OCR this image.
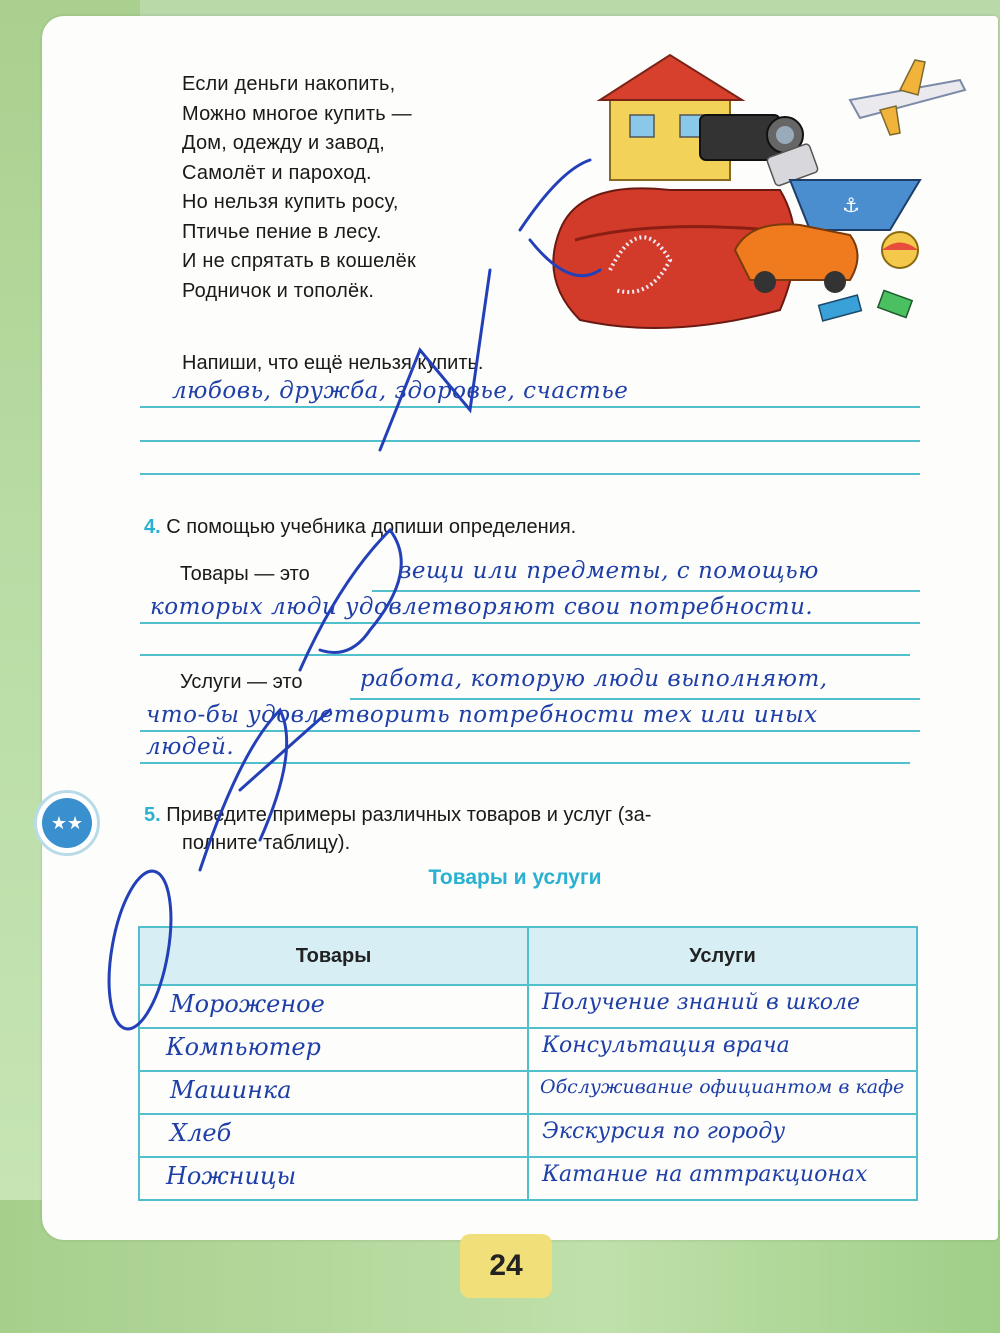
Если деньги накопить,
Можно многое купить —
Дом, одежду и завод,
Самолёт и пароход.
Но нельзя купить росу,
Птичье пение в лесу.
И не спрятать в кошелёк
Родничок и тополёк.
⚓
Напиши, что ещё нельзя купить.
любовь, дружба, здоровье, счастье
4. С помощью учебника допиши определения.
Товары — это	вещи или предметы, с помощью
которых люди удовлетворяют свои потребности.
Услуги — это	работа, которую люди выполняют,
что-бы удовлетворить потребности тех или иных
людей.
★★	5. Приведите примеры различных товаров и услуг (за-
полните таблицу).
Товары и услуги
Товары	Услуги
Мороженое	Получение знаний в школе
Компьютер	Консультация врача
Машинка	Обслуживание официантом в кафе
Хлеб	Экскурсия по городу
Ножницы	Катание на аттракционах
24
